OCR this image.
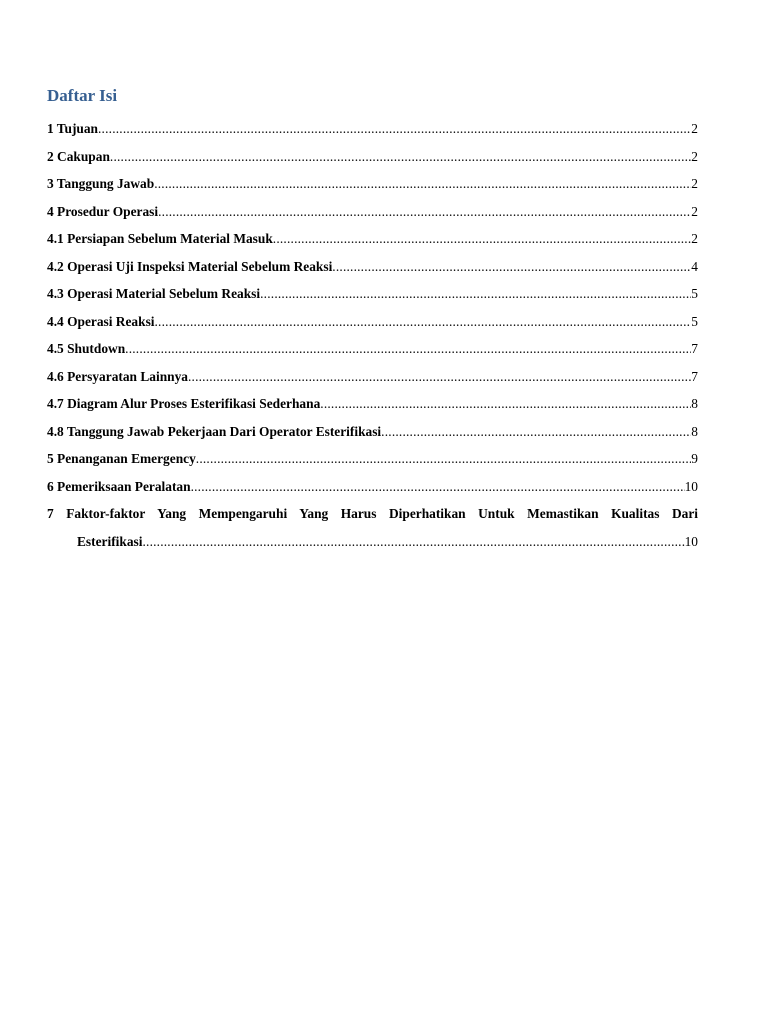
Daftar Isi
1 Tujuan .....	2
2 Cakupan .....	2
3 Tanggung Jawab .....	2
4 Prosedur Operasi .....	2
4.1 Persiapan Sebelum Material Masuk .....	2
4.2 Operasi Uji Inspeksi Material Sebelum Reaksi .....	4
4.3 Operasi Material Sebelum Reaksi .....	5
4.4 Operasi Reaksi .....	5
4.5 Shutdown .....	7
4.6 Persyaratan Lainnya .....	7
4.7 Diagram Alur Proses Esterifikasi Sederhana .....	8
4.8 Tanggung Jawab Pekerjaan Dari Operator Esterifikasi .....	8
5 Penanganan Emergency .....	9
6 Pemeriksaan Peralatan .....	10
7 Faktor-faktor Yang Mempengaruhi Yang Harus Diperhatikan Untuk Memastikan Kualitas Dari
Esterifikasi .....	10
